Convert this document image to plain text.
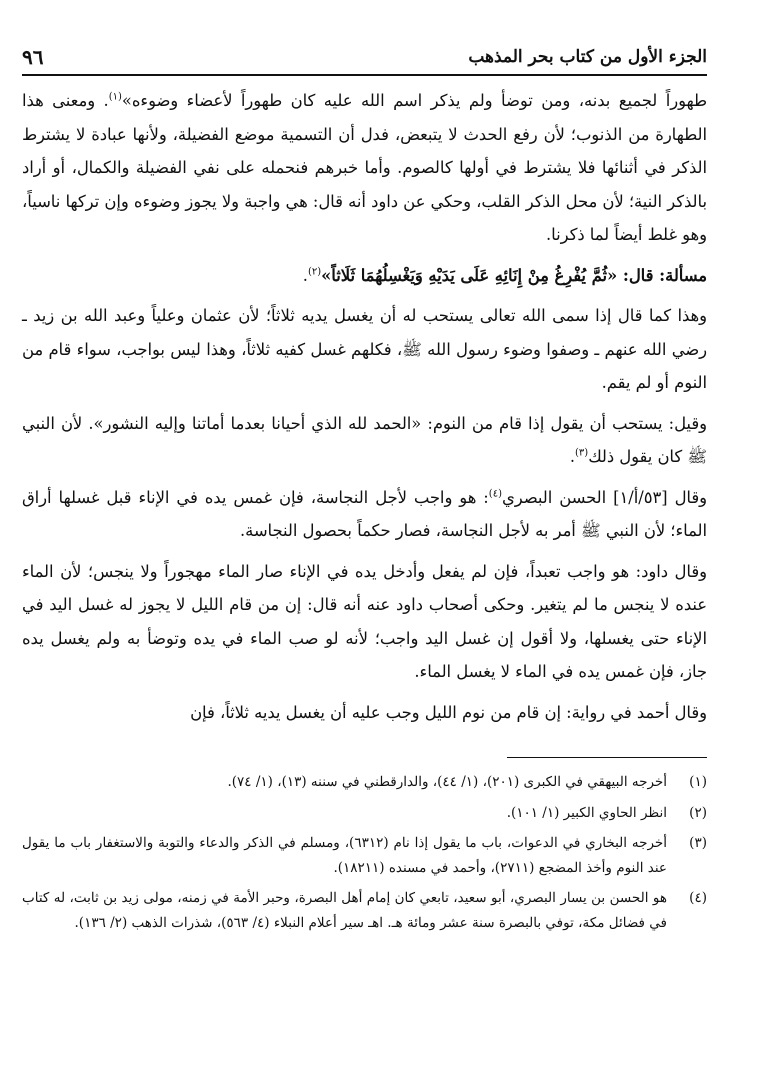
الجزء الأول من كتاب بحر المذهب
٩٦

طهوراً لجميع بدنه، ومن توضأ ولم يذكر اسم الله عليه كان طهوراً لأعضاء وضوءه»$^{(١)}$. ومعنى هذا الطهارة من الذنوب؛ لأن رفع الحدث لا يتبعض، فدل أن التسمية موضع الفضيلة، ولأنها عبادة لا يشترط الذكر في أثنائها فلا يشترط في أولها كالصوم. وأما خبرهم فنحمله على نفي الفضيلة والكمال، أو أراد بالذكر النية؛ لأن محل الذكر القلب، وحكي عن داود أنه قال: هي واجبة ولا يجوز وضوءه وإن تركها ناسياً، وهو غلط أيضاً لما ذكرنا.

مسألة: قال: «ثُمَّ يُفْرِغُ مِنْ إِنَائِهِ عَلَى يَدَيْهِ وَيَغْسِلُهُمَا ثَلَاثاً»$^{(٢)}$.

وهذا كما قال إذا سمى الله تعالى يستحب له أن يغسل يديه ثلاثاً؛ لأن عثمان وعلياً وعبد الله بن زيد ـ رضي الله عنهم ـ وصفوا وضوء رسول الله ﷺ، فكلهم غسل كفيه ثلاثاً، وهذا ليس بواجب، سواء قام من النوم أو لم يقم.

وقيل: يستحب أن يقول إذا قام من النوم: «الحمد لله الذي أحيانا بعدما أماتنا وإليه النشور». لأن النبي ﷺ كان يقول ذلك$^{(٣)}$.

وقال [٥٣/أ/١] الحسن البصري$^{(٤)}$: هو واجب لأجل النجاسة، فإن غمس يده في الإناء قبل غسلها أراق الماء؛ لأن النبي ﷺ أمر به لأجل النجاسة، فصار حكماً بحصول النجاسة.

وقال داود: هو واجب تعبداً، فإن لم يفعل وأدخل يده في الإناء صار الماء مهجوراً ولا ينجس؛ لأن الماء عنده لا ينجس ما لم يتغير. وحكى أصحاب داود عنه أنه قال: إن من قام الليل لا يجوز له غسل اليد في الإناء حتى يغسلها، ولا أقول إن غسل اليد واجب؛ لأنه لو صب الماء في يده وتوضأ به ولم يغسل يده جاز، فإن غمس يده في الماء لا يغسل الماء.

وقال أحمد في رواية: إن قام من نوم الليل وجب عليه أن يغسل يديه ثلاثاً، فإن

(١)
أخرجه البيهقي في الكبرى (٢٠١)، (١/ ٤٤)، والدارقطني في سننه (١٣)، (١/ ٧٤).
(٢)
انظر الحاوي الكبير (١/ ١٠١).
(٣)
أخرجه البخاري في الدعوات، باب ما يقول إذا نام (٦٣١٢)، ومسلم في الذكر والدعاء والتوبة والاستغفار باب ما يقول عند النوم وأخذ المضجع (٢٧١١)، وأحمد في مسنده (١٨٢١١).
(٤)
هو الحسن بن يسار البصري، أبو سعيد، تابعي كان إمام أهل البصرة، وحبر الأمة في زمنه، مولى زيد بن ثابت، له كتاب في فضائل مكة، توفي بالبصرة سنة عشر ومائة هـ. اهـ سير أعلام النبلاء (٤/ ٥٦٣)، شذرات الذهب (٢/ ١٣٦).
